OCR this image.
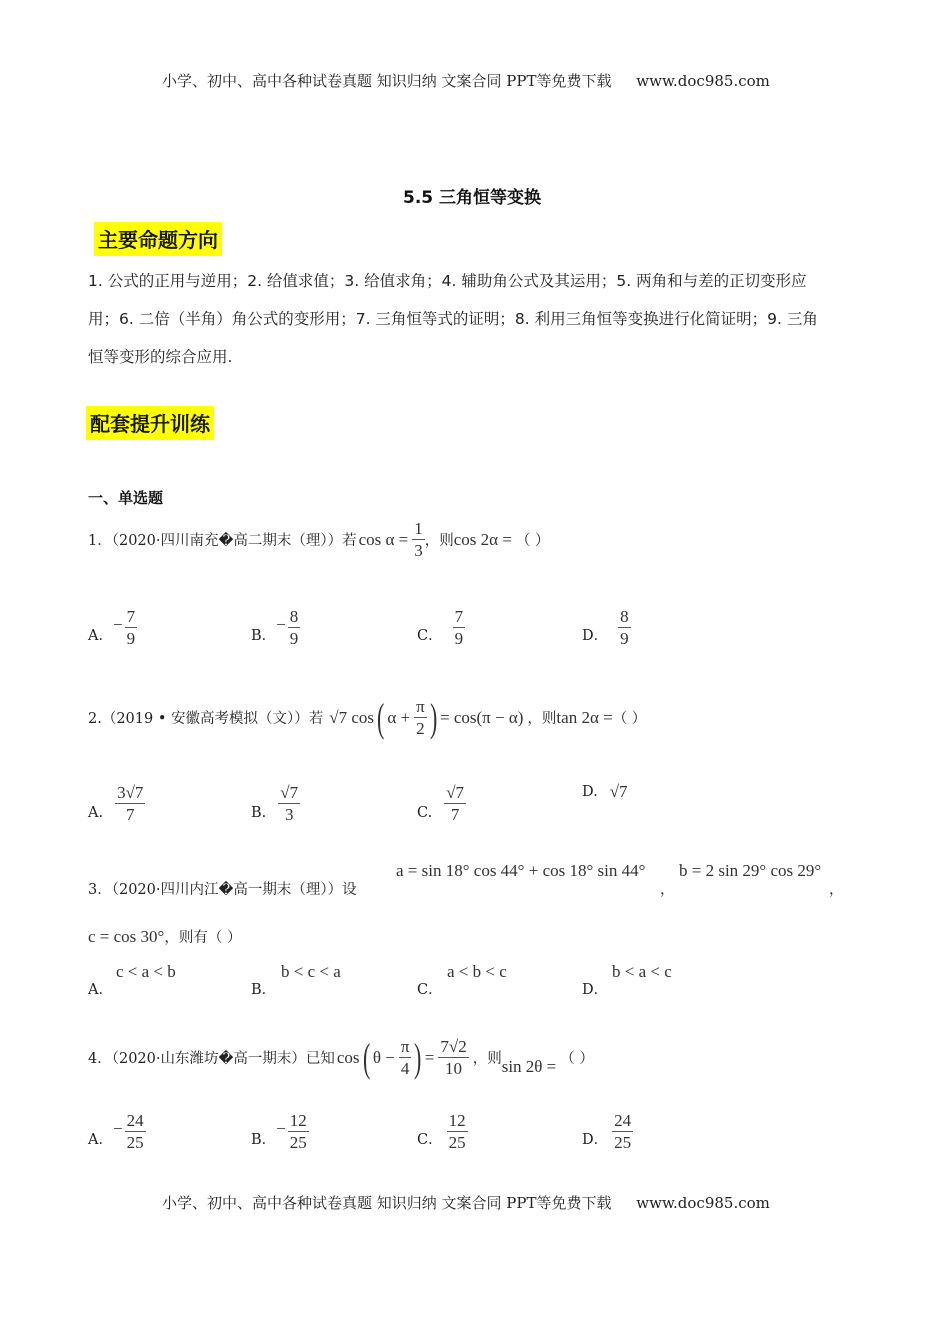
小学、初中、高中各种试卷真题 知识归纳 文案合同 PPT等免费下载 www.doc985.com
5.5 三角恒等变换
主要命题方向
1. 公式的正用与逆用；2. 给值求值；3. 给值求角；4. 辅助角公式及其运用；5. 两角和与差的正切变形应
用；6. 二倍（半角）角公式的变形用；7. 三角恒等式的证明；8. 利用三角恒等变换进行化简证明；9. 三角
恒等变形的综合应用.
配套提升训练
一、单选题
1．（2020·四川南充�高二期末（理））若 $\cos \alpha = \frac{1}{3}$ ，则 cos 2α = （ ）
A．
− $\frac{7}{9}$	B．
− $\frac{8}{9}$	C． $\frac{7}{9}$	D． $\frac{8}{9}$
2.（2019 • 安徽高考模拟（文））若 √7 cos ( $\alpha + \frac{\pi}{2}$ ) = cos(π − α) ，则 tan 2α = （ ）
A. $\frac{3√7}{7}$	B. $\frac{√7}{3}$	C. $\frac{√7}{7}$	D. √7
3．（2020·四川内江�高一期末（理））设
a = sin 18° cos 44° + cos 18° sin 44°
，
b = 2 sin 29° cos 29°
，
c = cos 30° ，则有（ ）
c < a < b
A．
b < c < a
B．
a < b < c
C．
b < a < c
D．
4．（2020·山东潍坊�高一期末）已知 cos ( $\theta - \frac{\pi}{4}$ ) = $\frac{7√2}{10}$ ，则 sin 2θ = （ ）
A．
− $\frac{24}{25}$	B．
− $\frac{12}{25}$	C． $\frac{12}{25}$	D． $\frac{24}{25}$
小学、初中、高中各种试卷真题 知识归纳 文案合同 PPT等免费下载 www.doc985.com
